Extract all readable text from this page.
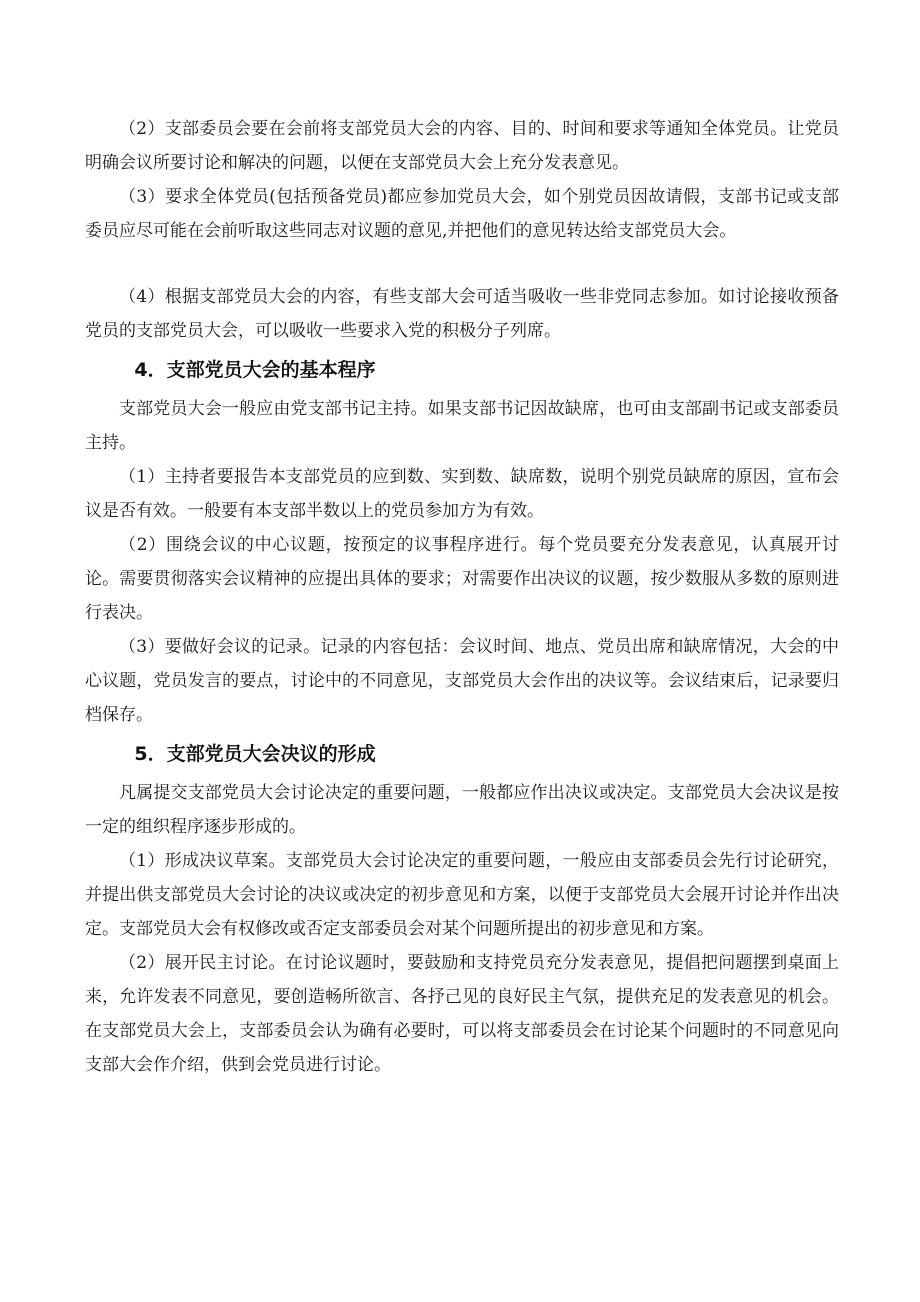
（2）支部委员会要在会前将支部党员大会的内容、目的、时间和要求等通知全体党员。让党员明确会议所要讨论和解决的问题，以便在支部党员大会上充分发表意见。

（3）要求全体党员(包括预备党员)都应参加党员大会，如个别党员因故请假，支部书记或支部委员应尽可能在会前听取这些同志对议题的意见,并把他们的意见转达给支部党员大会。

（4）根据支部党员大会的内容，有些支部大会可适当吸收一些非党同志参加。如讨论接收预备党员的支部党员大会，可以吸收一些要求入党的积极分子列席。

4．支部党员大会的基本程序

支部党员大会一般应由党支部书记主持。如果支部书记因故缺席，也可由支部副书记或支部委员主持。

（1）主持者要报告本支部党员的应到数、实到数、缺席数，说明个别党员缺席的原因，宣布会议是否有效。一般要有本支部半数以上的党员参加方为有效。

（2）围绕会议的中心议题，按预定的议事程序进行。每个党员要充分发表意见，认真展开讨论。需要贯彻落实会议精神的应提出具体的要求；对需要作出决议的议题，按少数服从多数的原则进行表决。

（3）要做好会议的记录。记录的内容包括：会议时间、地点、党员出席和缺席情况，大会的中心议题，党员发言的要点，讨论中的不同意见，支部党员大会作出的决议等。会议结束后，记录要归档保存。

5．支部党员大会决议的形成

凡属提交支部党员大会讨论决定的重要问题，一般都应作出决议或决定。支部党员大会决议是按一定的组织程序逐步形成的。

（1）形成决议草案。支部党员大会讨论决定的重要问题，一般应由支部委员会先行讨论研究，并提出供支部党员大会讨论的决议或决定的初步意见和方案，以便于支部党员大会展开讨论并作出决定。支部党员大会有权修改或否定支部委员会对某个问题所提出的初步意见和方案。

（2）展开民主讨论。在讨论议题时，要鼓励和支持党员充分发表意见，提倡把问题摆到桌面上来，允许发表不同意见，要创造畅所欲言、各抒己见的良好民主气氛，提供充足的发表意见的机会。在支部党员大会上，支部委员会认为确有必要时，可以将支部委员会在讨论某个问题时的不同意见向支部大会作介绍，供到会党员进行讨论。
